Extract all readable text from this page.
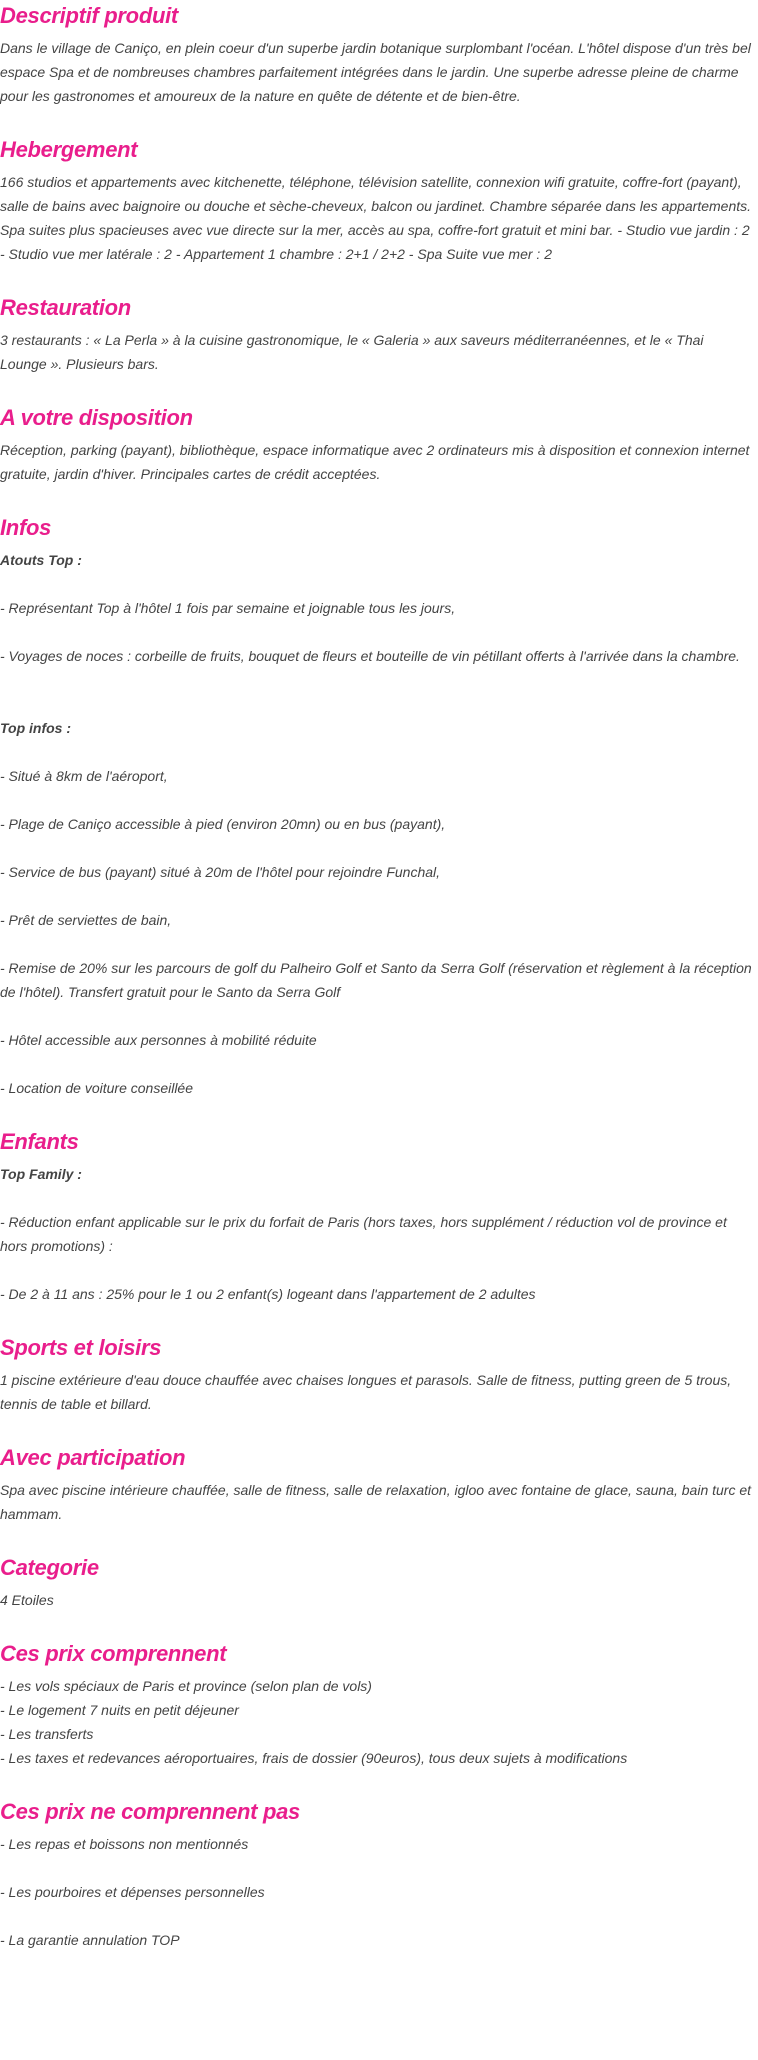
Descriptif produit

Dans le village de Caniço, en plein coeur d'un superbe jardin botanique surplombant l'océan. L'hôtel dispose d'un très bel espace Spa et de nombreuses chambres parfaitement intégrées dans le jardin. Une superbe adresse pleine de charme pour les gastronomes et amoureux de la nature en quête de détente et de bien-être.

Hebergement

166 studios et appartements avec kitchenette, téléphone, télévision satellite, connexion wifi gratuite, coffre-fort (payant), salle de bains avec baignoire ou douche et sèche-cheveux, balcon ou jardinet. Chambre séparée dans les appartements. Spa suites plus spacieuses avec vue directe sur la mer, accès au spa, coffre-fort gratuit et mini bar. - Studio vue jardin : 2 - Studio vue mer latérale : 2 - Appartement 1 chambre : 2+1 / 2+2 - Spa Suite vue mer : 2

Restauration

3 restaurants : « La Perla » à la cuisine gastronomique, le « Galeria » aux saveurs méditerranéennes, et le « Thai Lounge ». Plusieurs bars.

A votre disposition

Réception, parking (payant), bibliothèque, espace informatique avec 2 ordinateurs mis à disposition et connexion internet gratuite, jardin d'hiver. Principales cartes de crédit acceptées.

Infos

Atouts Top :

- Représentant Top à l'hôtel 1 fois par semaine et joignable tous les jours,

- Voyages de noces : corbeille de fruits, bouquet de fleurs et bouteille de vin pétillant offerts à l'arrivée dans la chambre.

Top infos :

- Situé à 8km de l'aéroport,

- Plage de Caniço accessible à pied (environ 20mn) ou en bus (payant),

- Service de bus (payant) situé à 20m de l'hôtel pour rejoindre Funchal,

- Prêt de serviettes de bain,

- Remise de 20% sur les parcours de golf du Palheiro Golf et Santo da Serra Golf (réservation et règlement à la réception de l'hôtel). Transfert gratuit pour le Santo da Serra Golf

- Hôtel accessible aux personnes à mobilité réduite

- Location de voiture conseillée

Enfants

Top Family :

- Réduction enfant applicable sur le prix du forfait de Paris (hors taxes, hors supplément / réduction vol de province et hors promotions) :

- De 2 à 11 ans : 25% pour le 1 ou 2 enfant(s) logeant dans l'appartement de 2 adultes

Sports et loisirs

1 piscine extérieure d'eau douce chauffée avec chaises longues et parasols. Salle de fitness, putting green de 5 trous, tennis de table et billard.

Avec participation

Spa avec piscine intérieure chauffée, salle de fitness, salle de relaxation, igloo avec fontaine de glace, sauna, bain turc et hammam.

Categorie

4 Etoiles

Ces prix comprennent

- Les vols spéciaux de Paris et province (selon plan de vols)

- Le logement 7 nuits en petit déjeuner

- Les transferts

- Les taxes et redevances aéroportuaires, frais de dossier (90euros), tous deux sujets à modifications

Ces prix ne comprennent pas

- Les repas et boissons non mentionnés

- Les pourboires et dépenses personnelles

- La garantie annulation TOP
